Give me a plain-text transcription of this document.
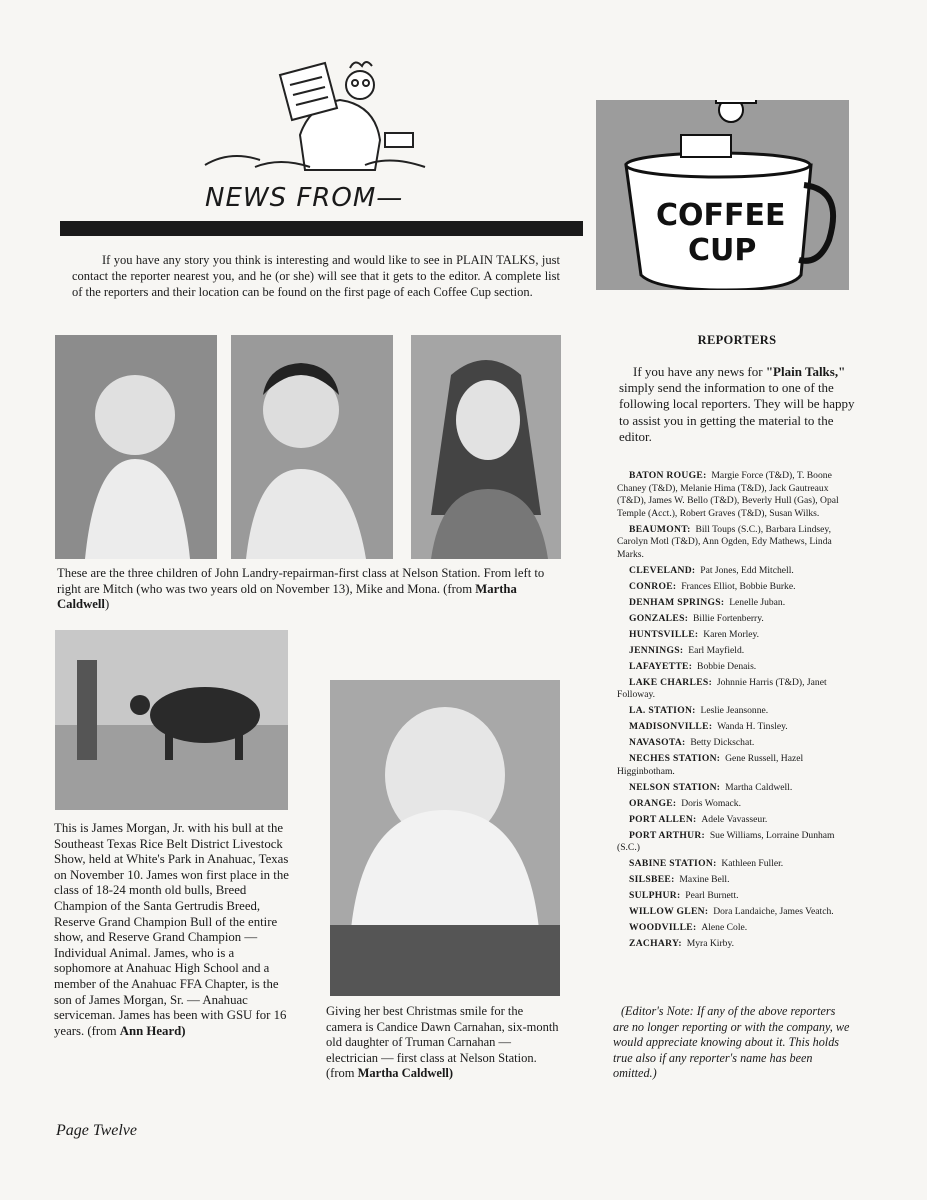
NEWS FROM—
If you have any story you think is interesting and would like to see in PLAIN TALKS, just contact the reporter nearest you, and he (or she) will see that it gets to the editor. A complete list of the reporters and their location can be found on the first page of each Coffee Cup section.
COFFEE
CUP
These are the three children of John Landry-repairman-first class at Nelson Station. From left to right are Mitch (who was two years old on November 13), Mike and Mona. (from Martha Caldwell)
This is James Morgan, Jr. with his bull at the Southeast Texas Rice Belt District Livestock Show, held at White's Park in Anahuac, Texas on November 10. James won first place in the class of 18-24 month old bulls, Breed Champion of the Santa Gertrudis Breed, Reserve Grand Champion Bull of the entire show, and Reserve Grand Champion — Individual Animal. James, who is a sophomore at Anahuac High School and a member of the Anahuac FFA Chapter, is the son of James Morgan, Sr. — Anahuac serviceman. James has been with GSU for 16 years. (from Ann Heard)
Giving her best Christmas smile for the camera is Candice Dawn Carnahan, six-month old daughter of Truman Carnahan — electrician — first class at Nelson Station. (from Martha Caldwell)
REPORTERS
If you have any news for "Plain Talks," simply send the information to one of the following local reporters. They will be happy to assist you in getting the material to the editor.
BATON ROUGE: Margie Force (T&D), T. Boone Chaney (T&D), Melanie Hima (T&D), Jack Gautreaux (T&D), James W. Bello (T&D), Beverly Hull (Gas), Opal Temple (Acct.), Robert Graves (T&D), Susan Wilks.
BEAUMONT: Bill Toups (S.C.), Barbara Lindsey, Carolyn Motl (T&D), Ann Ogden, Edy Mathews, Linda Marks.
CLEVELAND: Pat Jones, Edd Mitchell.
CONROE: Frances Elliot, Bobbie Burke.
DENHAM SPRINGS: Lenelle Juban.
GONZALES: Billie Fortenberry.
HUNTSVILLE: Karen Morley.
JENNINGS: Earl Mayfield.
LAFAYETTE: Bobbie Denais.
LAKE CHARLES: Johnnie Harris (T&D), Janet Followay.
LA. STATION: Leslie Jeansonne.
MADISONVILLE: Wanda H. Tinsley.
NAVASOTA: Betty Dickschat.
NECHES STATION: Gene Russell, Hazel Higginbotham.
NELSON STATION: Martha Caldwell.
ORANGE: Doris Womack.
PORT ALLEN: Adele Vavasseur.
PORT ARTHUR: Sue Williams, Lorraine Dunham (S.C.)
SABINE STATION: Kathleen Fuller.
SILSBEE: Maxine Bell.
SULPHUR: Pearl Burnett.
WILLOW GLEN: Dora Landaiche, James Veatch.
WOODVILLE: Alene Cole.
ZACHARY: Myra Kirby.
(Editor's Note: If any of the above reporters are no longer reporting or with the company, we would appreciate knowing about it. This holds true also if any reporter's name has been omitted.)
Page Twelve
